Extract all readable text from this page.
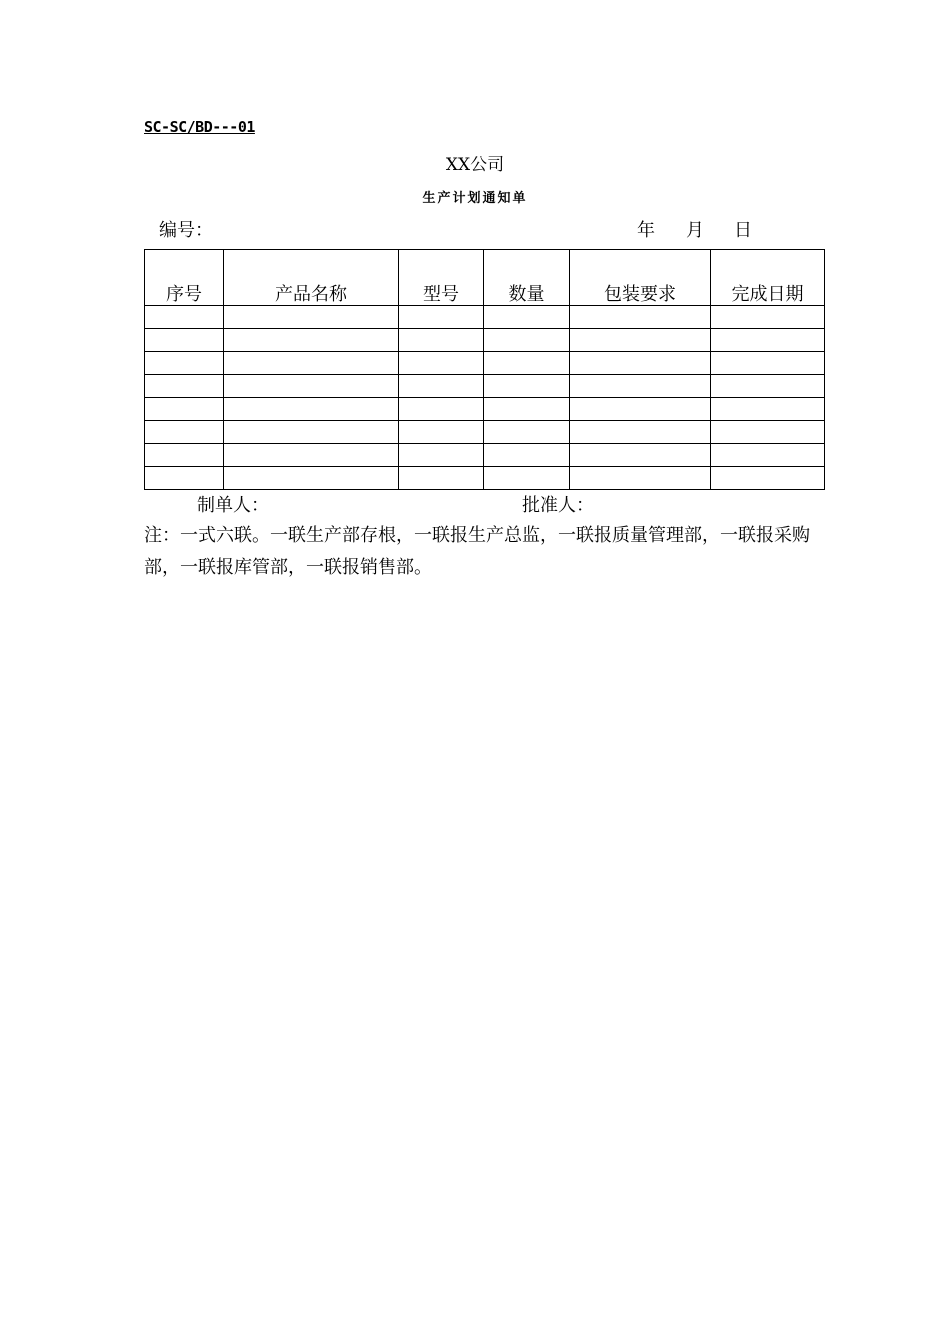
SC-SC/BD---01
XX公司
生产计划通知单
编号：	年 月 日
序号	产品名称	型号	数量	包装要求	完成日期

制单人：	批准人：
注：一式六联。一联生产部存根，一联报生产总监，一联报质量管理部，一联报采购部，一联报库管部，一联报销售部。
